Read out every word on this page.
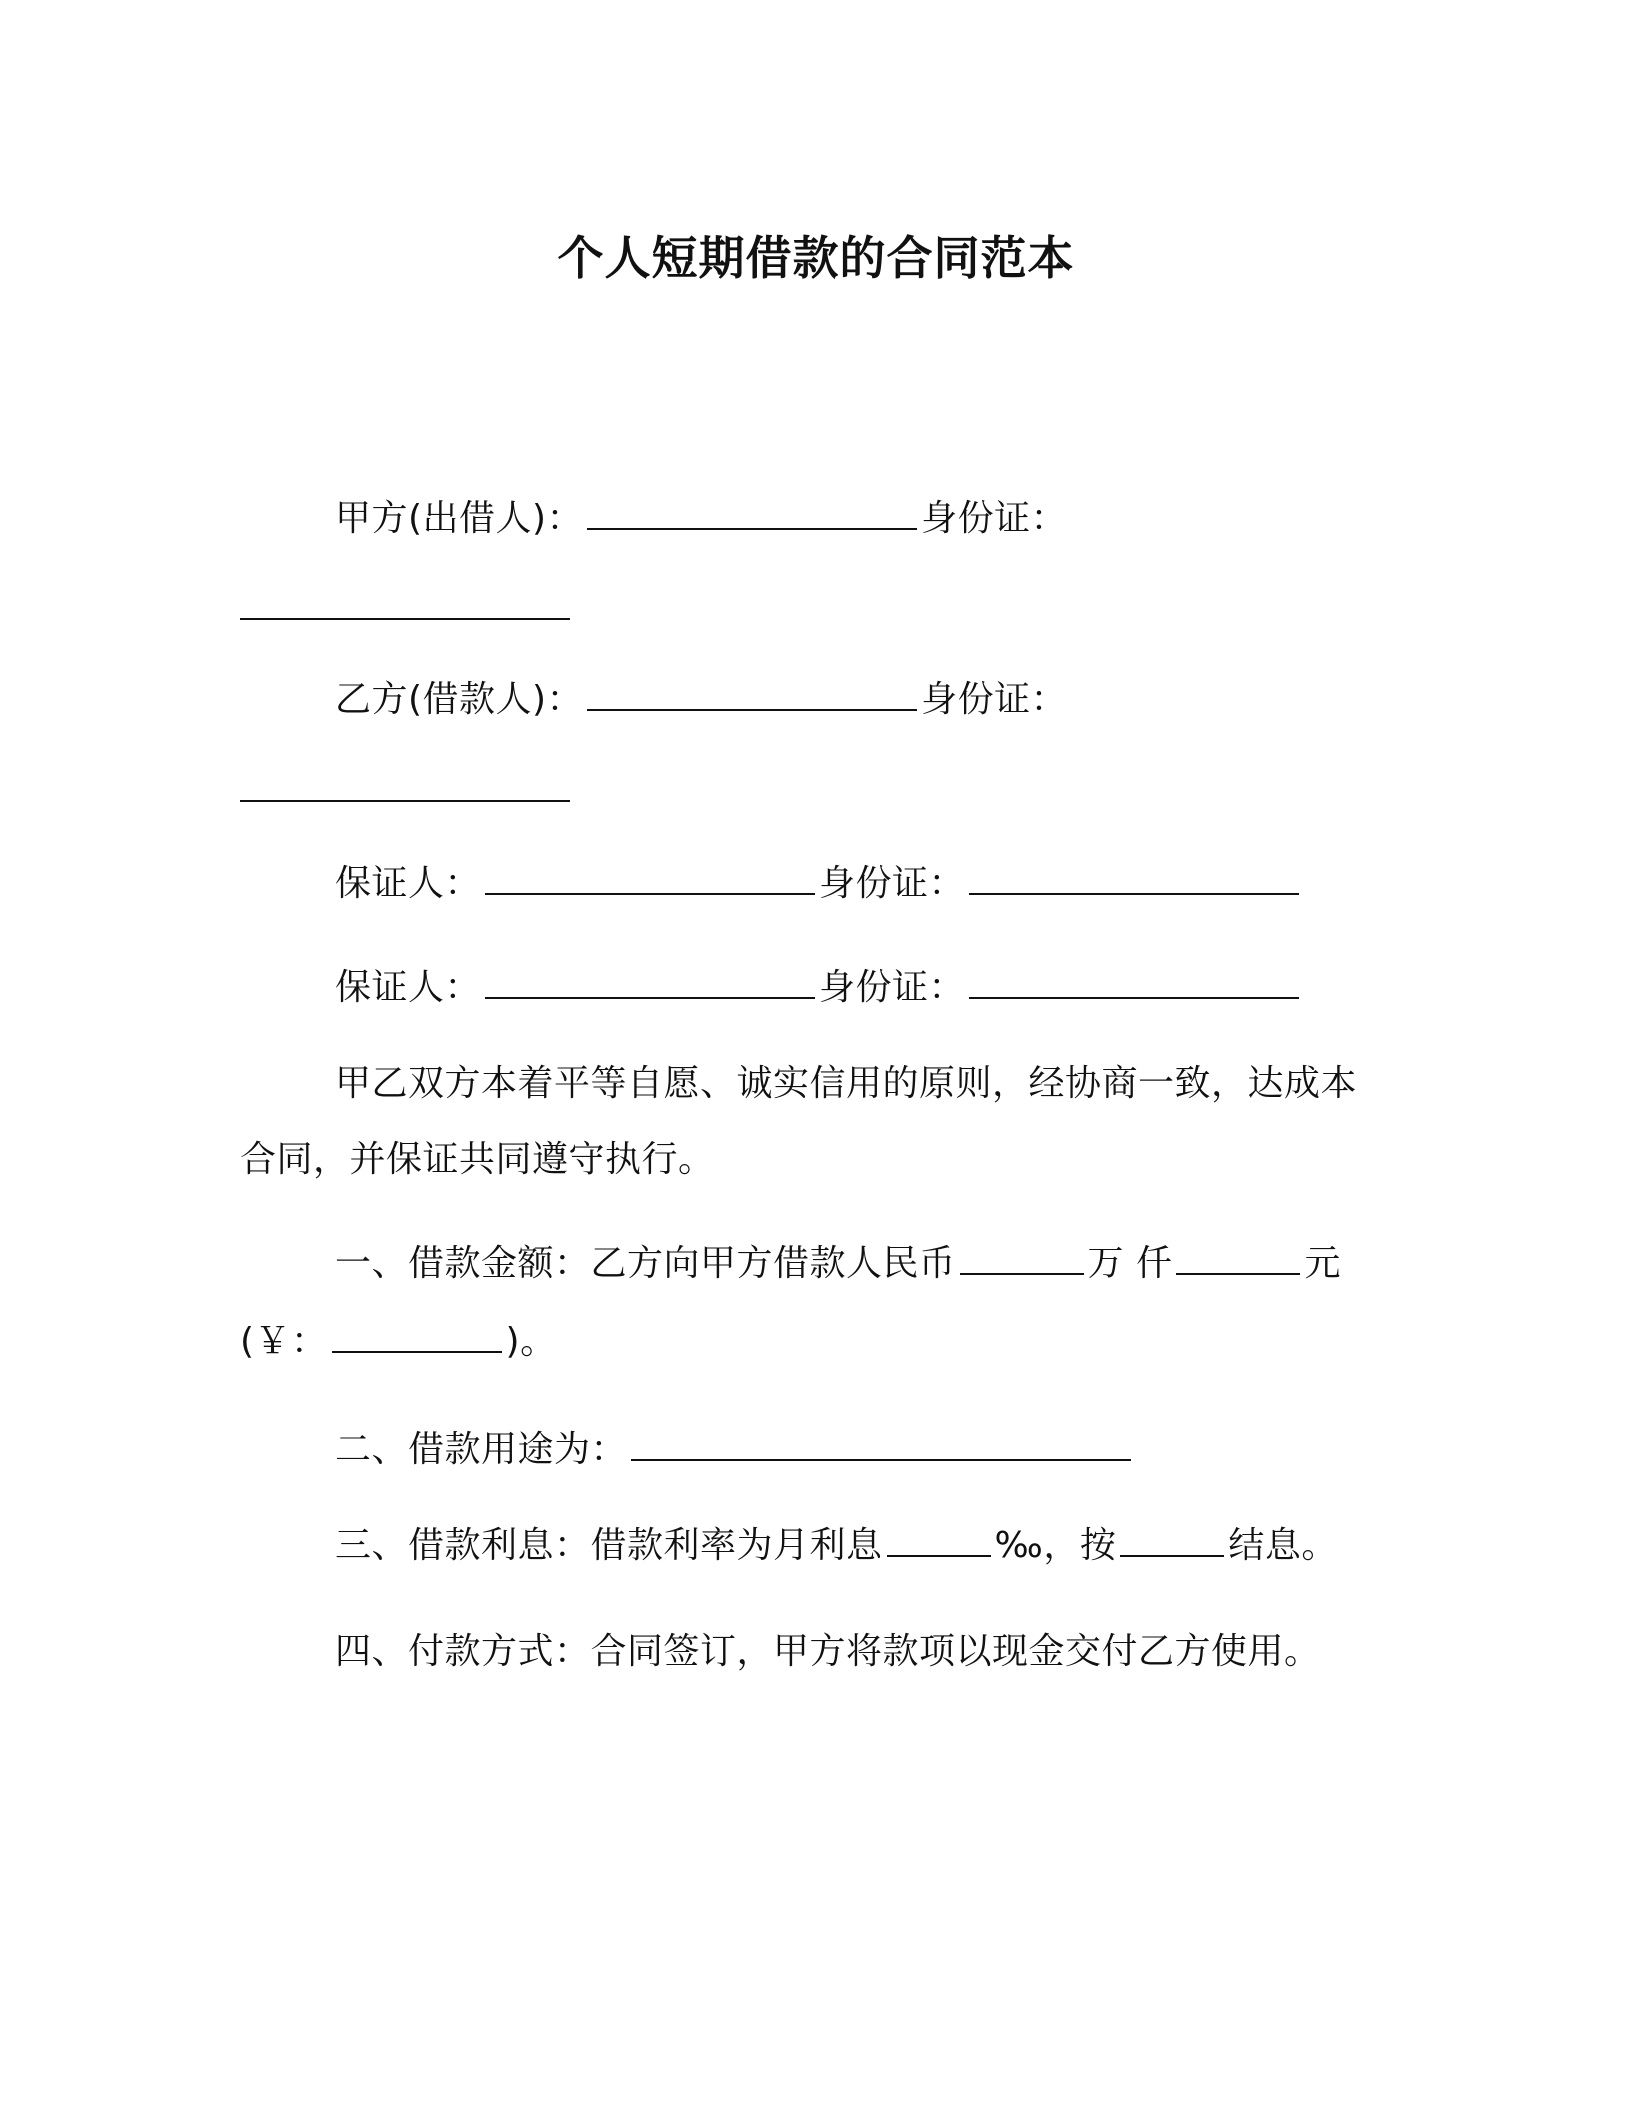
个人短期借款的合同范本
甲方(出借人)：	身份证：
乙方(借款人)：	身份证：
保证人：	身份证：
保证人：	身份证：
甲乙双方本着平等自愿、诚实信用的原则，经协商一致，达成本
合同，并保证共同遵守执行。
一、借款金额：乙方向甲方借款人民币	万 仟	元
(￥：	)。
二、借款用途为：
三、借款利息：借款利率为月利息	‰，按	结息。
四、付款方式：合同签订，甲方将款项以现金交付乙方使用。
